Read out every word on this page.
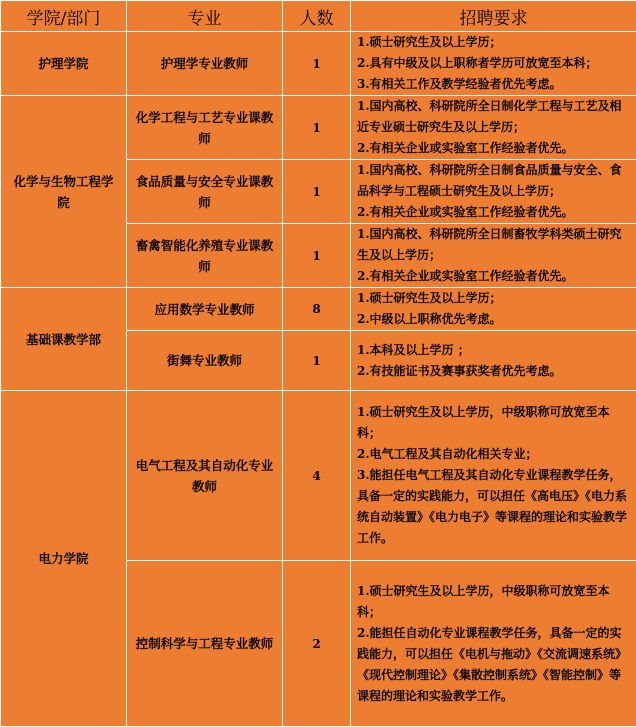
学院/部门	专业	人数	招聘要求
护理学院	护理学专业教师	1	1.硕士研究生及以上学历；
2.具有中级及以上职称者学历可放宽至本科；
3.有相关工作及教学经验者优先考虑。

化学与生物工程学院	化学工程与工艺专业课教师	1	1.国内高校、科研院所全日制化学工程与工艺及相近专业硕士研究生及以上学历；
2.有相关企业或实验室工作经验者优先。

	食品质量与安全专业课教师	1	1.国内高校、科研院所全日制食品质量与安全、食品科学与工程硕士研究生及以上学历；
2.有相关企业或实验室工作经验者优先。

	畜禽智能化养殖专业课教师	1	1.国内高校、科研院所全日制畜牧学科类硕士研究生及以上学历；
2.有相关企业或实验室工作经验者优先。

基础课教学部	应用数学专业教师	8	1.硕士研究生及以上学历；
2.中级以上职称优先考虑。

	街舞专业教师	1	1.本科及以上学历 ；
2.有技能证书及赛事获奖者优先考虑。

电力学院	电气工程及其自动化专业教师	4	1.硕士研究生及以上学历，中级职称可放宽至本科；
2.电气工程及其自动化相关专业；
3.能担任电气工程及其自动化专业课程教学任务，具备一定的实践能力，可以担任《高电压》《电力系统自动装置》《电力电子》等课程的理论和实验教学工作。

	控制科学与工程专业教师	2	1.硕士研究生及以上学历，中级职称可放宽至本科；
2.能担任自动化专业课程教学任务，具备一定的实践能力，可以担任《电机与拖动》《交流调速系统》《现代控制理论》《集散控制系统》《智能控制》等课程的理论和实验教学工作。
